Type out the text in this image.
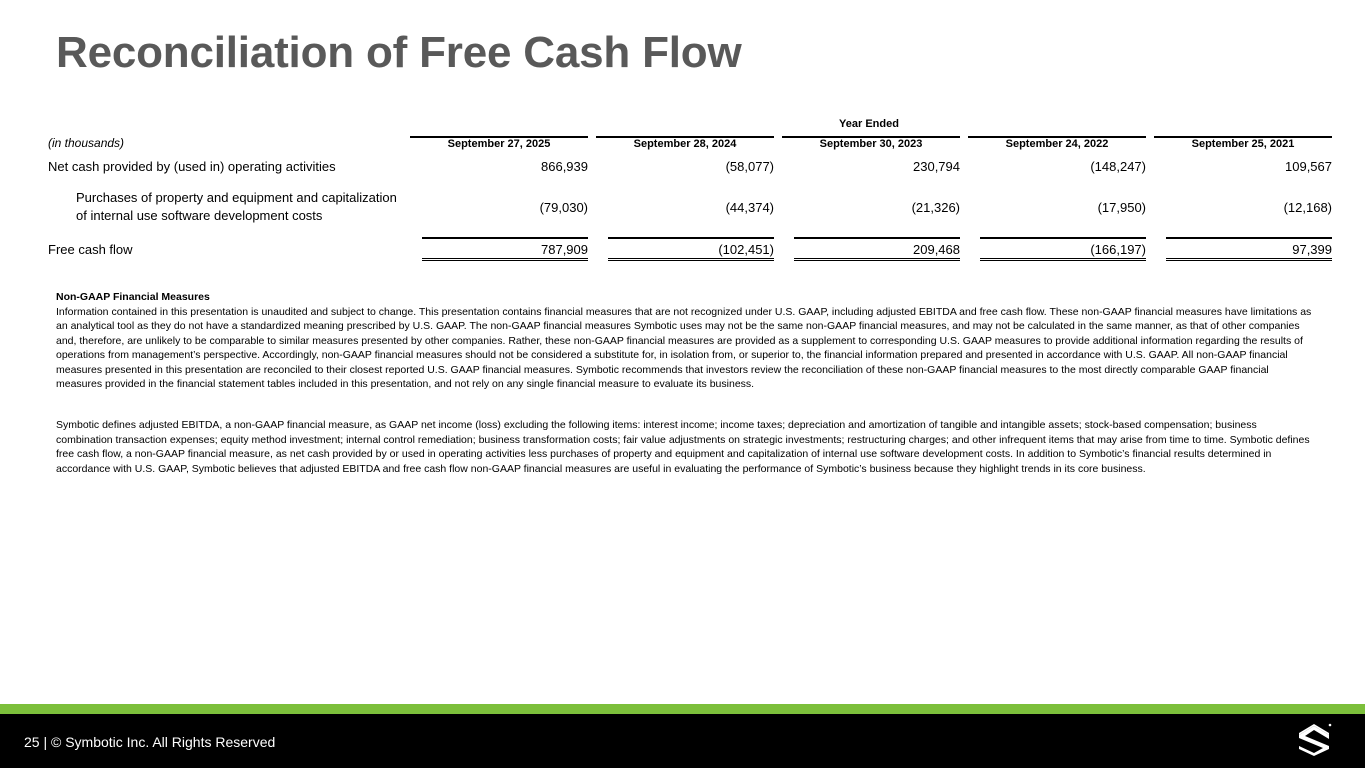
Reconciliation of Free Cash Flow
	Year Ended				
(in thousands)	September 27, 2025	September 28, 2024	September 30, 2023	September 24, 2022	September 25, 2021

Net cash provided by (used in) operating activities	866,939	(58,077)	230,794	(148,247)	109,567

Purchases of property and equipment and capitalization of internal use software development costs	(79,030)	(44,374)	(21,326)	(17,950)	(12,168)

Free cash flow	787,909	(102,451)	209,468	(166,197)	97,399
Non-GAAP Financial Measures
Information contained in this presentation is unaudited and subject to change. This presentation contains financial measures that are not recognized under U.S. GAAP, including adjusted EBITDA and free cash flow. These non-GAAP financial measures have limitations as an analytical tool as they do not have a standardized meaning prescribed by U.S. GAAP. The non-GAAP financial measures Symbotic uses may not be the same non-GAAP financial measures, and may not be calculated in the same manner, as that of other companies and, therefore, are unlikely to be comparable to similar measures presented by other companies. Rather, these non-GAAP financial measures are provided as a supplement to corresponding U.S. GAAP measures to provide additional information regarding the results of operations from management’s perspective. Accordingly, non-GAAP financial measures should not be considered a substitute for, in isolation from, or superior to, the financial information prepared and presented in accordance with U.S. GAAP. All non-GAAP financial measures presented in this presentation are reconciled to their closest reported U.S. GAAP financial measures. Symbotic recommends that investors review the reconciliation of these non-GAAP financial measures to the most directly comparable GAAP financial measures provided in the financial statement tables included in this presentation, and not rely on any single financial measure to evaluate its business.
Symbotic defines adjusted EBITDA, a non-GAAP financial measure, as GAAP net income (loss) excluding the following items: interest income; income taxes; depreciation and amortization of tangible and intangible assets; stock-based compensation; business combination transaction expenses; equity method investment; internal control remediation; business transformation costs; fair value adjustments on strategic investments; restructuring charges; and other infrequent items that may arise from time to time. Symbotic defines free cash flow, a non-GAAP financial measure, as net cash provided by or used in operating activities less purchases of property and equipment and capitalization of internal use software development costs. In addition to Symbotic’s financial results determined in accordance with U.S. GAAP, Symbotic believes that adjusted EBITDA and free cash flow non-GAAP financial measures are useful in evaluating the performance of Symbotic’s business because they highlight trends in its core business.
25 | © Symbotic Inc. All Rights Reserved
